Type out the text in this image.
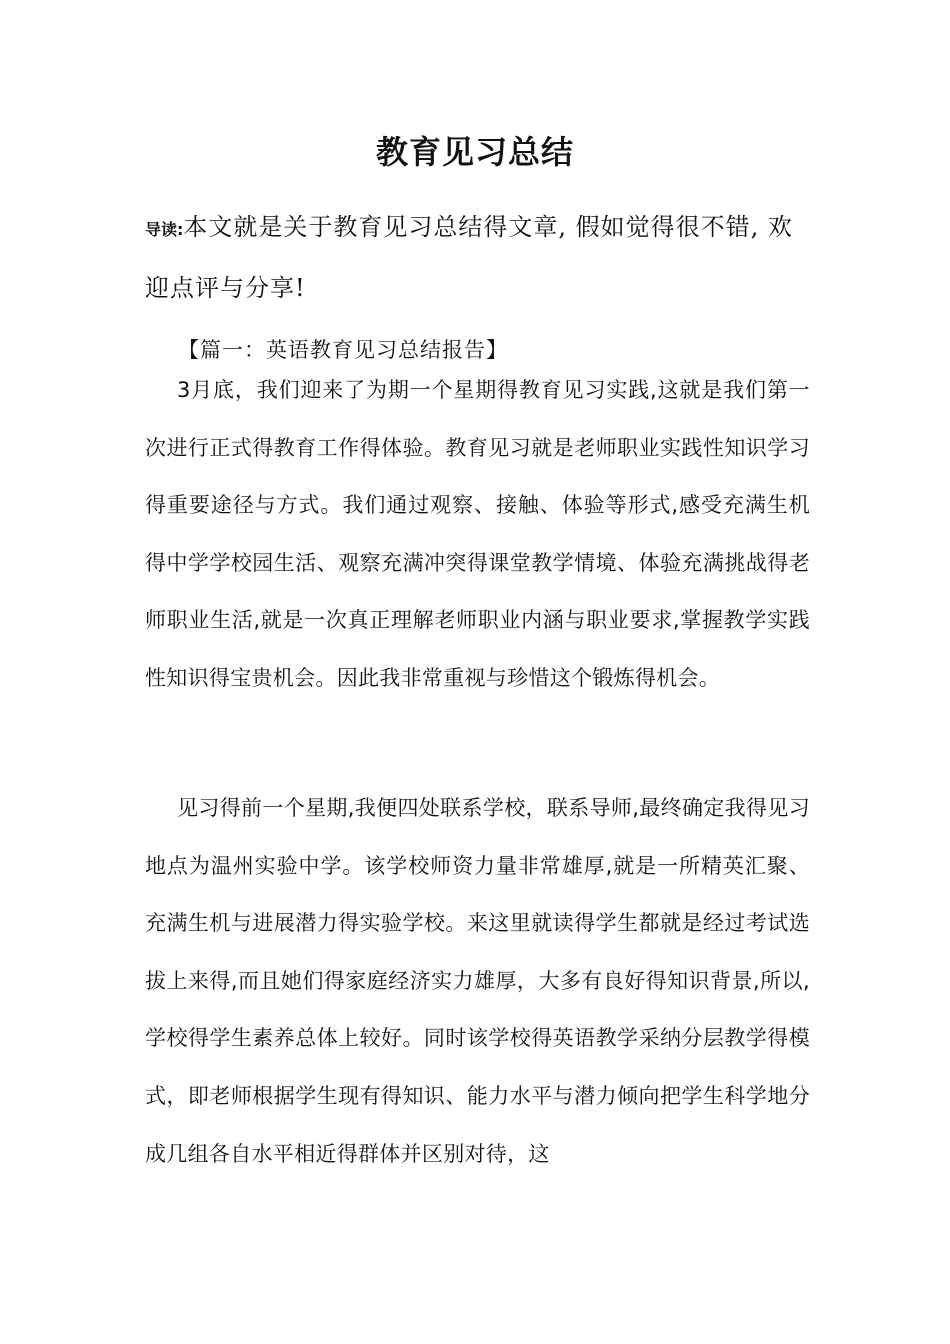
教育见习总结
导读:本文就是关于教育见习总结得文章, 假如觉得很不错, 欢迎点评与分享!
【篇一：英语教育见习总结报告】
3月底，我们迎来了为期一个星期得教育见习实践,这就是我们第一次进行正式得教育工作得体验。教育见习就是老师职业实践性知识学习得重要途径与方式。我们通过观察、接触、体验等形式,感受充满生机得中学学校园生活、观察充满冲突得课堂教学情境、体验充满挑战得老师职业生活,就是一次真正理解老师职业内涵与职业要求,掌握教学实践性知识得宝贵机会。因此我非常重视与珍惜这个锻炼得机会。
见习得前一个星期,我便四处联系学校，联系导师,最终确定我得见习地点为温州实验中学。该学校师资力量非常雄厚,就是一所精英汇聚、充满生机与进展潜力得实验学校。来这里就读得学生都就是经过考试选拔上来得,而且她们得家庭经济实力雄厚，大多有良好得知识背景,所以,学校得学生素养总体上较好。同时该学校得英语教学采纳分层教学得模式，即老师根据学生现有得知识、能力水平与潜力倾向把学生科学地分成几组各自水平相近得群体并区别对待，这
